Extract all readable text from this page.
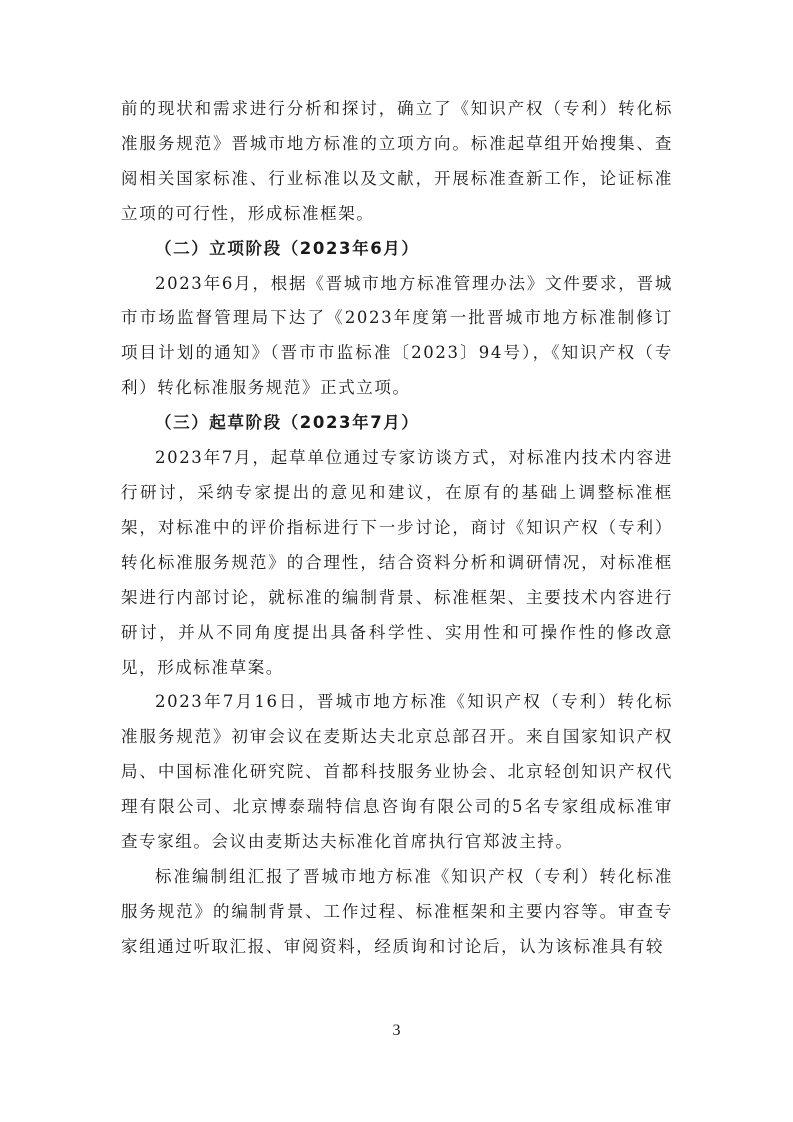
前的现状和需求进行分析和探讨，确立了《知识产权（专利）转化标准服务规范》晋城市地方标准的立项方向。标准起草组开始搜集、查阅相关国家标准、行业标准以及文献，开展标准查新工作，论证标准立项的可行性，形成标准框架。

（二）立项阶段（2023年6月）

2023年6月，根据《晋城市地方标准管理办法》文件要求，晋城市市场监督管理局下达了《2023年度第一批晋城市地方标准制修订项目计划的通知》（晋市市监标准〔2023〕94号），《知识产权（专利）转化标准服务规范》正式立项。

（三）起草阶段（2023年7月）

2023年7月，起草单位通过专家访谈方式，对标准内技术内容进行研讨，采纳专家提出的意见和建议，在原有的基础上调整标准框架，对标准中的评价指标进行下一步讨论，商讨《知识产权（专利）转化标准服务规范》的合理性，结合资料分析和调研情况，对标准框架进行内部讨论，就标准的编制背景、标准框架、主要技术内容进行研讨，并从不同角度提出具备科学性、实用性和可操作性的修改意见，形成标准草案。

2023年7月16日，晋城市地方标准《知识产权（专利）转化标准服务规范》初审会议在麦斯达夫北京总部召开。来自国家知识产权局、中国标准化研究院、首都科技服务业协会、北京轻创知识产权代理有限公司、北京博泰瑞特信息咨询有限公司的5名专家组成标准审查专家组。会议由麦斯达夫标准化首席执行官郑波主持。

标准编制组汇报了晋城市地方标准《知识产权（专利）转化标准服务规范》的编制背景、工作过程、标准框架和主要内容等。审查专家组通过听取汇报、审阅资料，经质询和讨论后，认为该标准具有较

3
